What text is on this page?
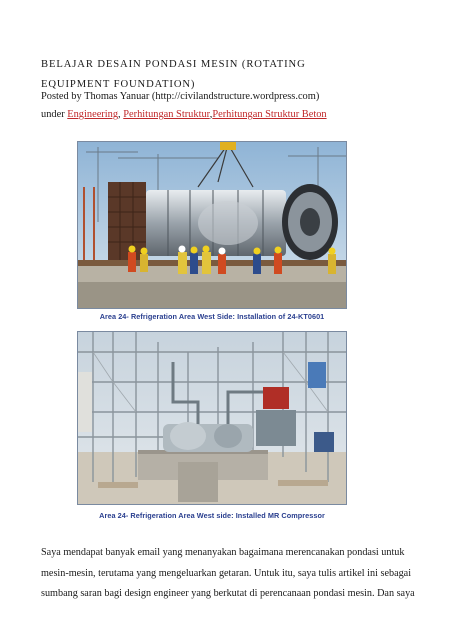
BELAJAR DESAIN PONDASI MESIN (ROTATING
EQUIPMENT FOUNDATION)
Posted by Thomas Yanuar (http://civilandstructure.wordpress.com)
under Engineering, Perhitungan Struktur,Perhitungan Struktur Beton
Area 24- Refrigeration Area West Side: Installation of 24-KT0601
Area 24- Refrigeration Area West side: Installed MR Compressor

Saya mendapat banyak email yang menanyakan bagaimana merencanakan pondasi untuk

mesin-mesin, terutama yang mengeluarkan getaran. Untuk itu, saya tulis artikel ini sebagai

sumbang saran bagi design engineer yang berkutat di perencanaan pondasi mesin. Dan saya
